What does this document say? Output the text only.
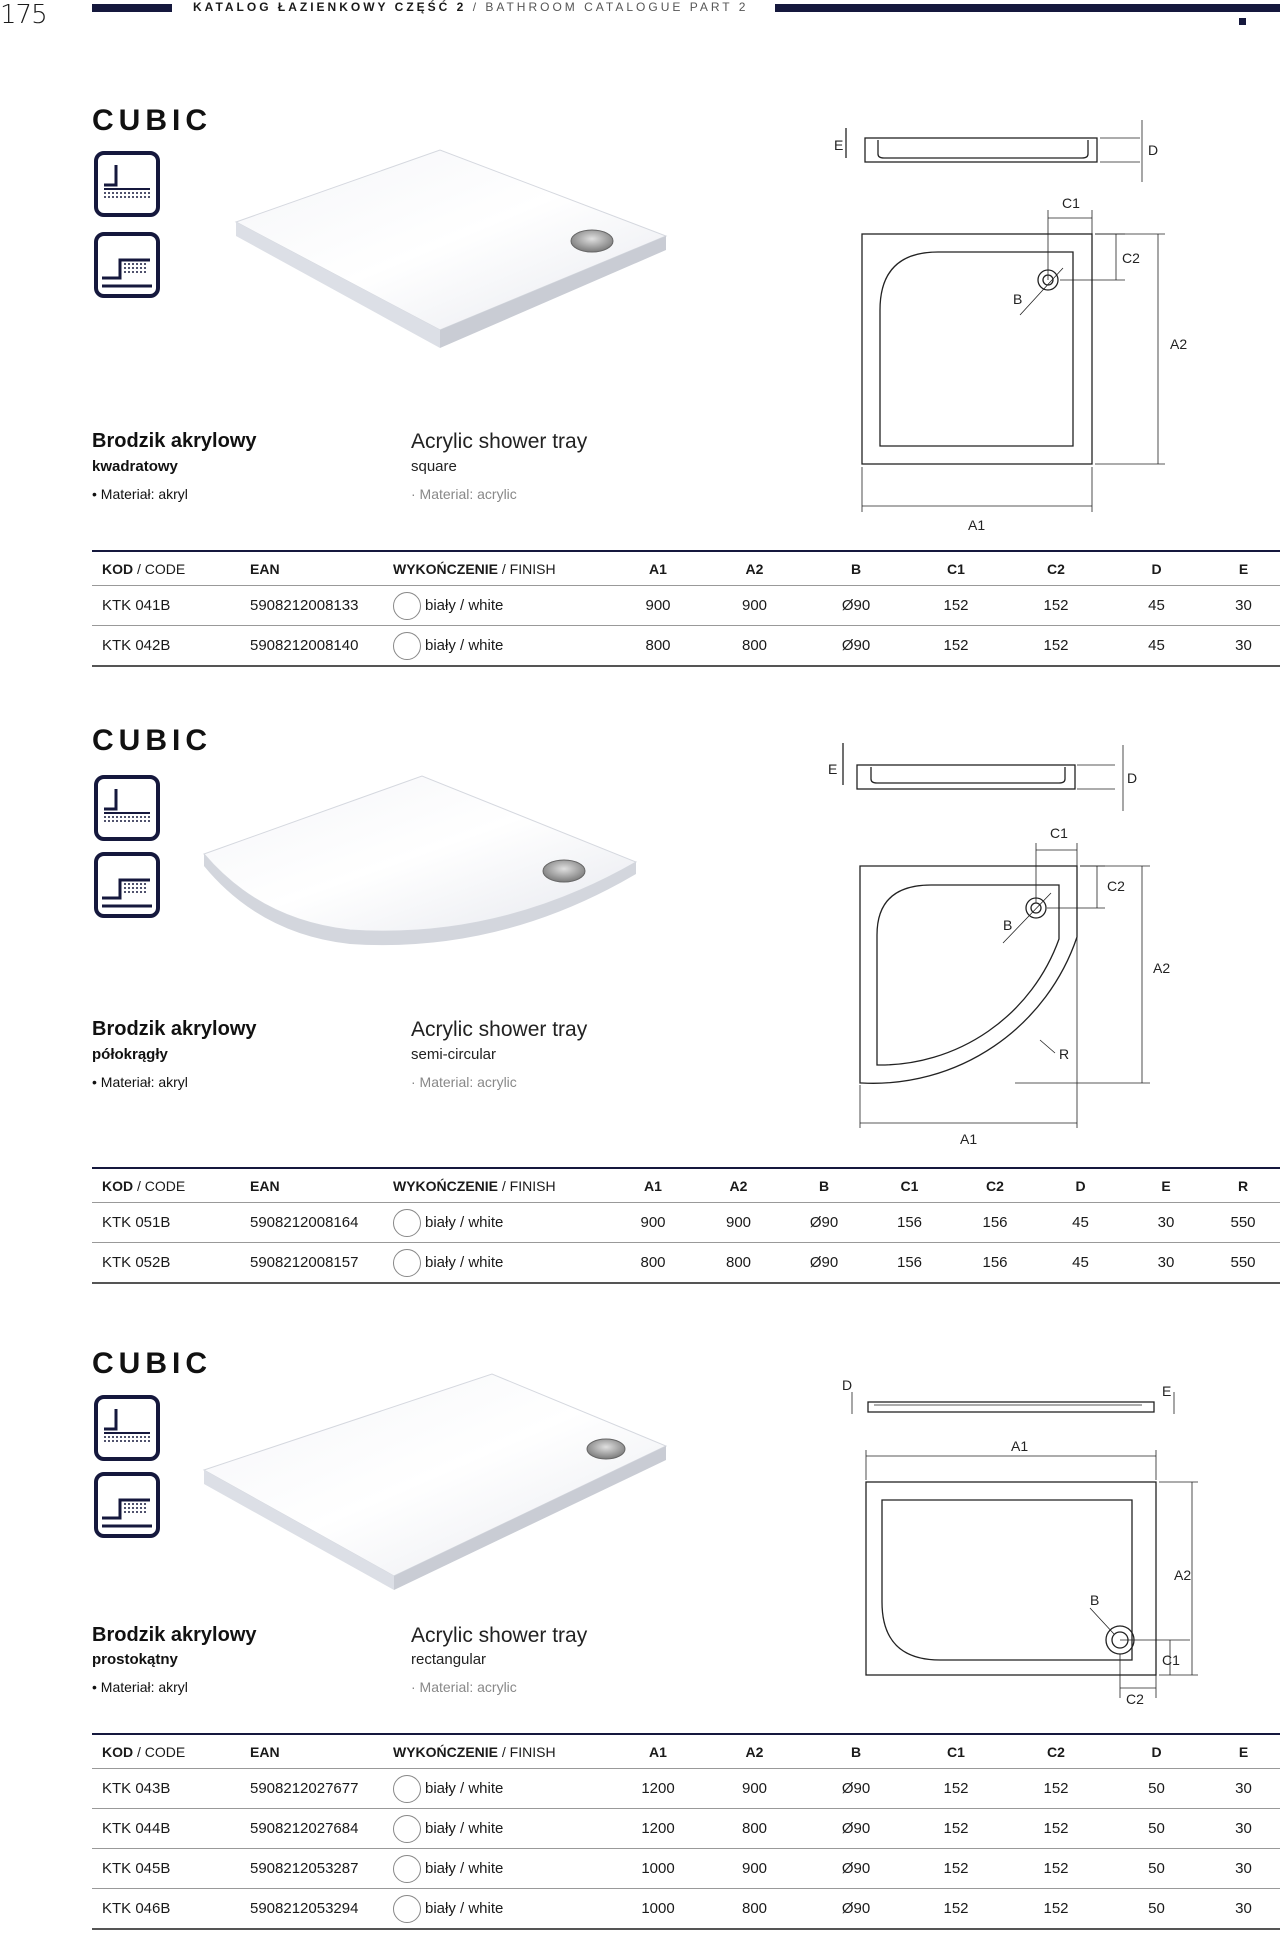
175	KATALOG ŁAZIENKOWY CZĘŚĆ 2 / BATHROOM CATALOGUE PART 2
CUBIC
Brodzik akrylowy
kwadratowy
• Materiał: akryl
Acrylic shower tray
square
· Material: acrylic
E	D
C1
C2
B
A2
A1
KOD / CODE	EAN	WYKOŃCZENIE / FINISH	A1	A2	B	C1	C2	D	E
KTK 041B	5908212008133	biały / white	900	900	Ø90	152	152	45	30
KTK 042B	5908212008140	biały / white	800	800	Ø90	152	152	45	30
CUBIC
Brodzik akrylowy
półokrągły
• Materiał: akryl
Acrylic shower tray
semi-circular
· Material: acrylic
E
D
C1
C2
B
A2
R
A1
KOD / CODE	EAN	WYKOŃCZENIE / FINISH	A1	A2	B	C1	C2	D	E	R
KTK 051B	5908212008164	biały / white	900	900	Ø90	156	156	45	30	550
KTK 052B	5908212008157	biały / white	800	800	Ø90	156	156	45	30	550
CUBIC
Brodzik akrylowy
prostokątny
• Materiał: akryl
Acrylic shower tray
rectangular
· Material: acrylic
D	E
A1
A2
B
C1
C2
KOD / CODE	EAN	WYKOŃCZENIE / FINISH	A1	A2	B	C1	C2	D	E
KTK 043B	5908212027677	biały / white	1200	900	Ø90	152	152	50	30
KTK 044B	5908212027684	biały / white	1200	800	Ø90	152	152	50	30
KTK 045B	5908212053287	biały / white	1000	900	Ø90	152	152	50	30
KTK 046B	5908212053294	biały / white	1000	800	Ø90	152	152	50	30
